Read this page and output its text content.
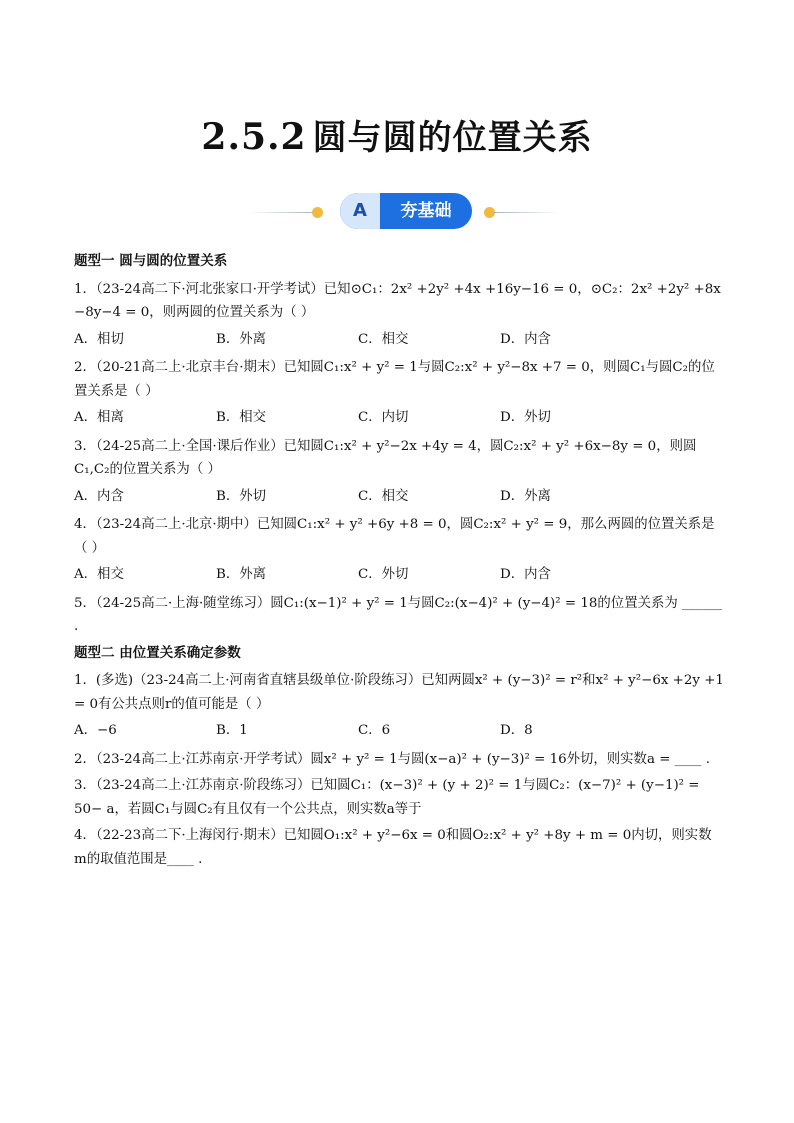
2.5.2 圆与圆的位置关系
A	夯基础
题型一 圆与圆的位置关系
1．（23-24高二下·河北张家口·开学考试）已知⊙C₁：2x² +2y² +4x +16y−16 = 0，⊙C₂：2x² +2y² +8x −8y−4 = 0，则两圆的位置关系为（ ）
A．相切	B．外离	C．相交	D．内含
2．（20-21高二上·北京丰台·期末）已知圆C₁:x² + y² = 1与圆C₂:x² + y²−8x +7 = 0，则圆C₁与圆C₂的位置关系是（ ）
A．相离	B．相交	C．内切	D．外切
3．（24-25高二上·全国·课后作业）已知圆C₁:x² + y²−2x +4y = 4，圆C₂:x² + y² +6x−8y = 0，则圆C₁,C₂的位置关系为（ ）
A．内含	B．外切	C．相交	D．外离
4．（23-24高二上·北京·期中）已知圆C₁:x² + y² +6y +8 = 0，圆C₂:x² + y² = 9，那么两圆的位置关系是（ ）
A．相交	B．外离	C．外切	D．内含
5．（24-25高二·上海·随堂练习）圆C₁:(x−1)² + y² = 1与圆C₂:(x−4)² + (y−4)² = 18的位置关系为 ______ .
题型二 由位置关系确定参数
1．(多选)（23-24高二上·河南省直辖县级单位·阶段练习）已知两圆x² + (y−3)² = r²和x² + y²−6x +2y +1 = 0有公共点则r的值可能是（ ）
A．−6	B．1	C．6	D．8
2．（23-24高二上·江苏南京·开学考试）圆x² + y² = 1与圆(x−a)² + (y−3)² = 16外切，则实数a = ____ .
3．（23-24高二上·江苏南京·阶段练习）已知圆C₁：(x−3)² + (y + 2)² = 1与圆C₂：(x−7)² + (y−1)² = 50− a，若圆C₁与圆C₂有且仅有一个公共点，则实数a等于
4．（22-23高二下·上海闵行·期末）已知圆O₁:x² + y²−6x = 0和圆O₂:x² + y² +8y + m = 0内切，则实数m的取值范围是____ .
